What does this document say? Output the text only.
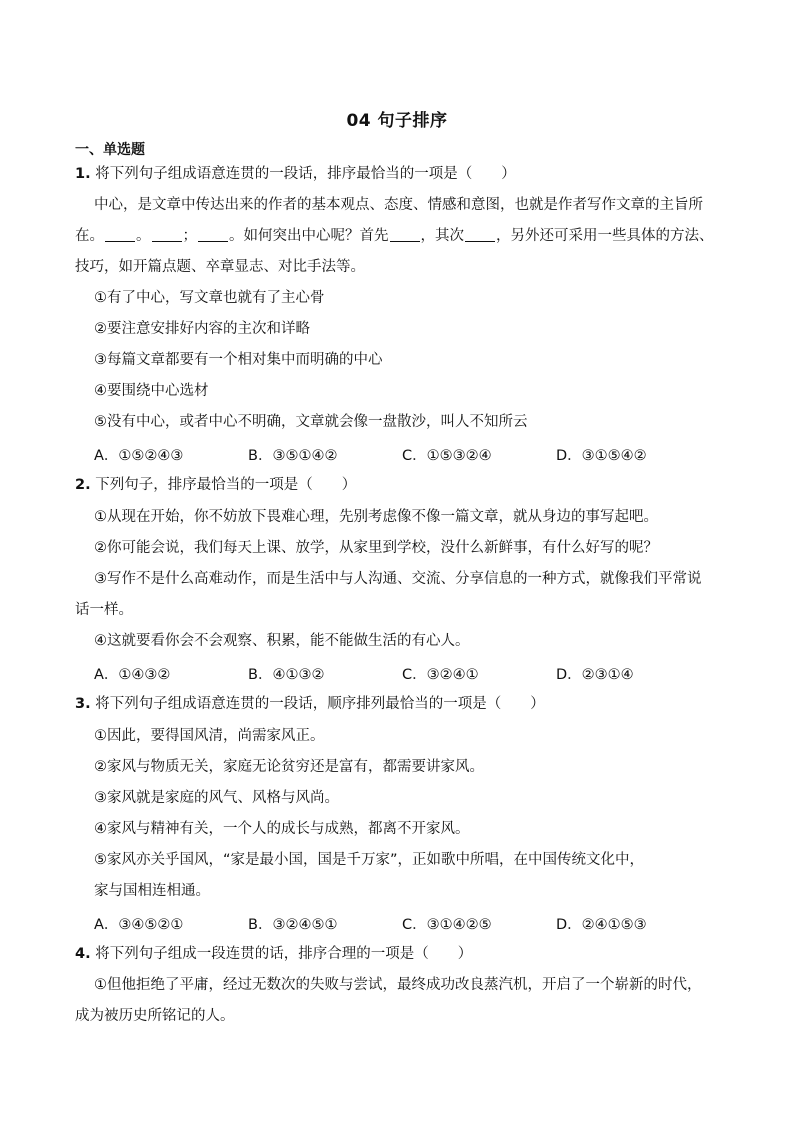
04 句子排序
一、单选题
1. 将下列句子组成语意连贯的一段话，排序最恰当的一项是（　　）
中心，是文章中传达出来的作者的基本观点、态度、情感和意图，也就是作者写作文章的主旨所
在。 。 ； 。如何突出中心呢？首先 ，其次 ，另外还可采用一些具体的方法、
技巧，如开篇点题、卒章显志、对比手法等。
①有了中心，写文章也就有了主心骨
②要注意安排好内容的主次和详略
③每篇文章都要有一个相对集中而明确的中心
④要围绕中心选材
⑤没有中心，或者中心不明确，文章就会像一盘散沙，叫人不知所云
A．①⑤②④③	B．③⑤①④②	C．①⑤③②④	D．③①⑤④②
2. 下列句子，排序最恰当的一项是（　　）
①从现在开始，你不妨放下畏难心理，先别考虑像不像一篇文章，就从身边的事写起吧。
②你可能会说，我们每天上课、放学，从家里到学校，没什么新鲜事，有什么好写的呢？
③写作不是什么高难动作，而是生活中与人沟通、交流、分享信息的一种方式，就像我们平常说
话一样。
④这就要看你会不会观察、积累，能不能做生活的有心人。
A．①④③②	B．④①③②	C．③②④①	D．②③①④
3. 将下列句子组成语意连贯的一段话，顺序排列最恰当的一项是（　　）
①因此，要得国风清，尚需家风正。
②家风与物质无关，家庭无论贫穷还是富有，都需要讲家风。
③家风就是家庭的风气、风格与风尚。
④家风与精神有关，一个人的成长与成熟，都离不开家风。
⑤家风亦关乎国风，“家是最小国，国是千万家”，正如歌中所唱，在中国传统文化中，
家与国相连相通。
A．③④⑤②①	B．③②④⑤①	C．③①④②⑤	D．②④①⑤③
4. 将下列句子组成一段连贯的话，排序合理的一项是（　　）
①但他拒绝了平庸，经过无数次的失败与尝试，最终成功改良蒸汽机，开启了一个崭新的时代，
成为被历史所铭记的人。
